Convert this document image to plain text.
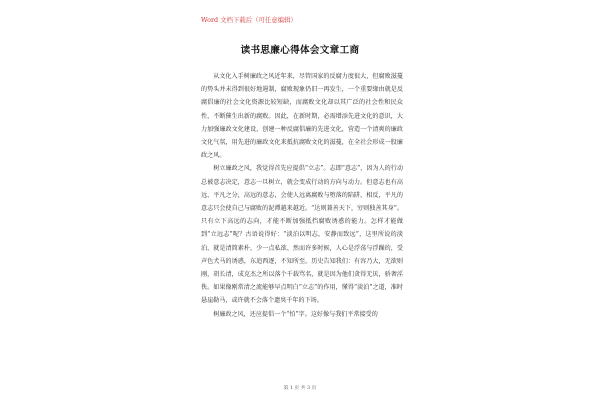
Word 文档下载后（可任意编辑）
读书思廉心得体会文章工商

从文化入手树廉政之风近年来，尽管国家的反腐力度很大，但腐败滋蔓的势头并未得到很好地遏制，腐败现象仍旧一再发生，一个重要缘由就是反腐倡廉的社会文化资源比较短缺，而腐败文化却以其广泛的社会性和民众性，不断催生出新的腐败。因此，在新时期，必需增添先进文化的意识，大力加强廉政文化建设，创建一种反腐倡廉的先进文化，营造一个清爽的廉政文化气氛，用先进的廉政文化来抵抗腐败文化的滋蔓，在全社会形成一股廉政之风。

树立廉政之风，我觉得首先应提倡“立志”。志即“意志”，因为人的行动总被意志决定，意志一旦树立，就会变成行动的方向与动力。但意志也有高远、平凡之分，高远的意志，会使人远离腐败与堕落的陷阱，相反，平凡的意志只会使自己与腐败的泥潭越来越近。“达则兼善天下，穷则独善其身”。只有立下高远的志向，才能不断加强抵挡腐败诱惑的能力。怎样才能做到“立远志”呢？古语说得好：“淡泊以明志，安静而致远”，这里所说的淡泊，就是清简素朴，少一点私欲、然而许多时候，人心是浮荡与浮躁的，受声色犬马的诱惑，东追西逐，不知所至。历史告知我们：有容乃大，无欲则刚，胡长清，成克杰之所以落个千载骂名，就是因为他们贪得无厌，骄奢淫佚。如果像刚常清之流能够早点明白“立志”的作用，懂得“淡泊”之道，准时悬崖勒马，或许就不会落个遗臭千年的下场。

树廉政之风，还应提倡一个“怕”字。这好像与我们平常接受的

第 1 页 共 3 页
